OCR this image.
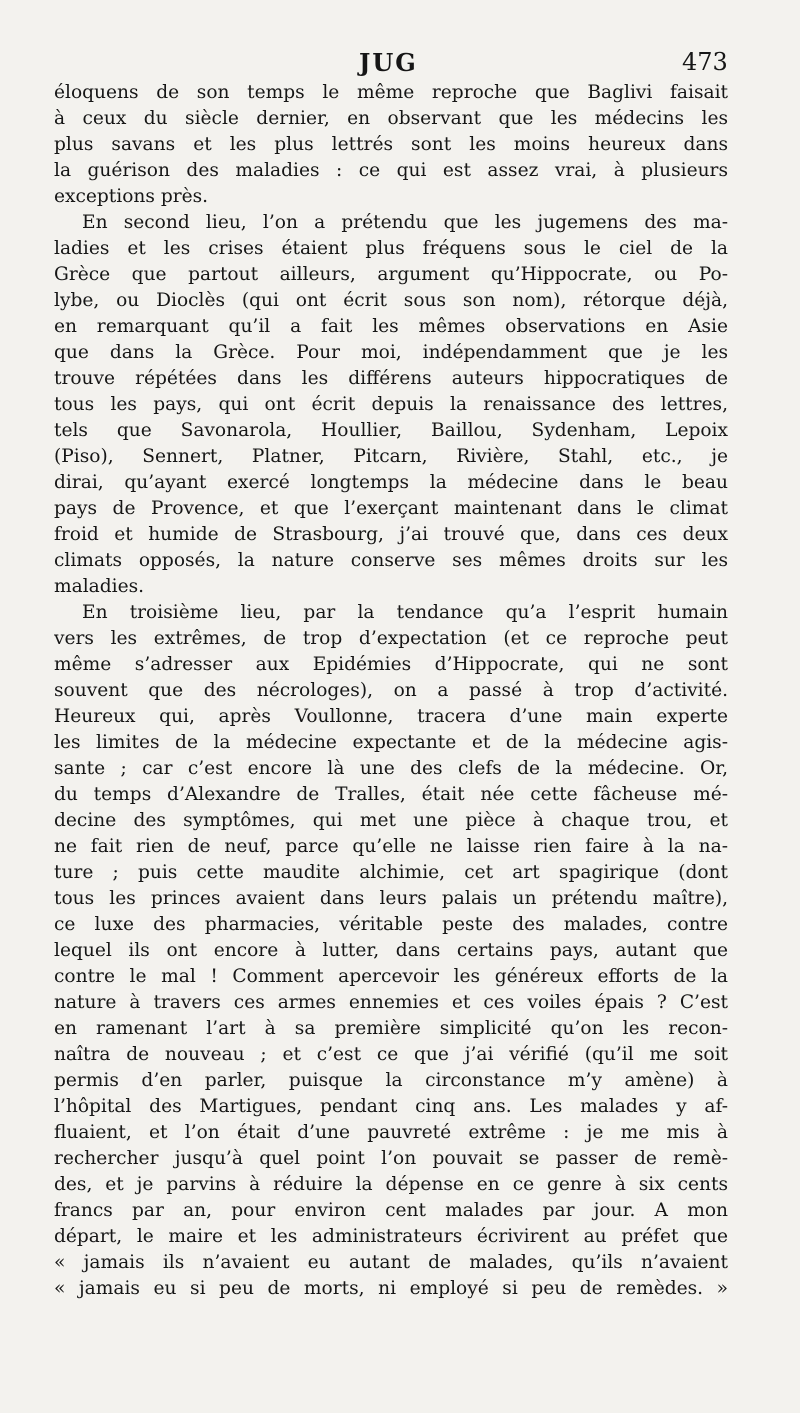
JUG	473
éloquens de son temps le même reproche que Baglivi faisait
à ceux du siècle dernier, en observant que les médecins les
plus savans et les plus lettrés sont les moins heureux dans
la guérison des maladies : ce qui est assez vrai, à plusieurs
exceptions près.
En second lieu, l’on a prétendu que les jugemens des ma-
ladies et les crises étaient plus fréquens sous le ciel de la
Grèce que partout ailleurs, argument qu’Hippocrate, ou Po-
lybe, ou Dioclès (qui ont écrit sous son nom), rétorque déjà,
en remarquant qu’il a fait les mêmes observations en Asie
que dans la Grèce. Pour moi, indépendamment que je les
trouve répétées dans les différens auteurs hippocratiques de
tous les pays, qui ont écrit depuis la renaissance des lettres,
tels que Savonarola, Houllier, Baillou, Sydenham, Lepoix
(Piso), Sennert, Platner, Pitcarn, Rivière, Stahl, etc., je
dirai, qu’ayant exercé longtemps la médecine dans le beau
pays de Provence, et que l’exerçant maintenant dans le climat
froid et humide de Strasbourg, j’ai trouvé que, dans ces deux
climats opposés, la nature conserve ses mêmes droits sur les
maladies.
En troisième lieu, par la tendance qu’a l’esprit humain
vers les extrêmes, de trop d’expectation (et ce reproche peut
même s’adresser aux Epidémies d’Hippocrate, qui ne sont
souvent que des nécrologes), on a passé à trop d’activité.
Heureux qui, après Voullonne, tracera d’une main experte
les limites de la médecine expectante et de la médecine agis-
sante ; car c’est encore là une des clefs de la médecine. Or,
du temps d’Alexandre de Tralles, était née cette fâcheuse mé-
decine des symptômes, qui met une pièce à chaque trou, et
ne fait rien de neuf, parce qu’elle ne laisse rien faire à la na-
ture ; puis cette maudite alchimie, cet art spagirique (dont
tous les princes avaient dans leurs palais un prétendu maître),
ce luxe des pharmacies, véritable peste des malades, contre
lequel ils ont encore à lutter, dans certains pays, autant que
contre le mal ! Comment apercevoir les généreux efforts de la
nature à travers ces armes ennemies et ces voiles épais ? C’est
en ramenant l’art à sa première simplicité qu’on les recon-
naîtra de nouveau ; et c’est ce que j’ai vérifié (qu’il me soit
permis d’en parler, puisque la circonstance m’y amène) à
l’hôpital des Martigues, pendant cinq ans. Les malades y af-
fluaient, et l’on était d’une pauvreté extrême : je me mis à
rechercher jusqu’à quel point l’on pouvait se passer de remè-
des, et je parvins à réduire la dépense en ce genre à six cents
francs par an, pour environ cent malades par jour. A mon
départ, le maire et les administrateurs écrivirent au préfet que
« jamais ils n’avaient eu autant de malades, qu’ils n’avaient
« jamais eu si peu de morts, ni employé si peu de remèdes. »
